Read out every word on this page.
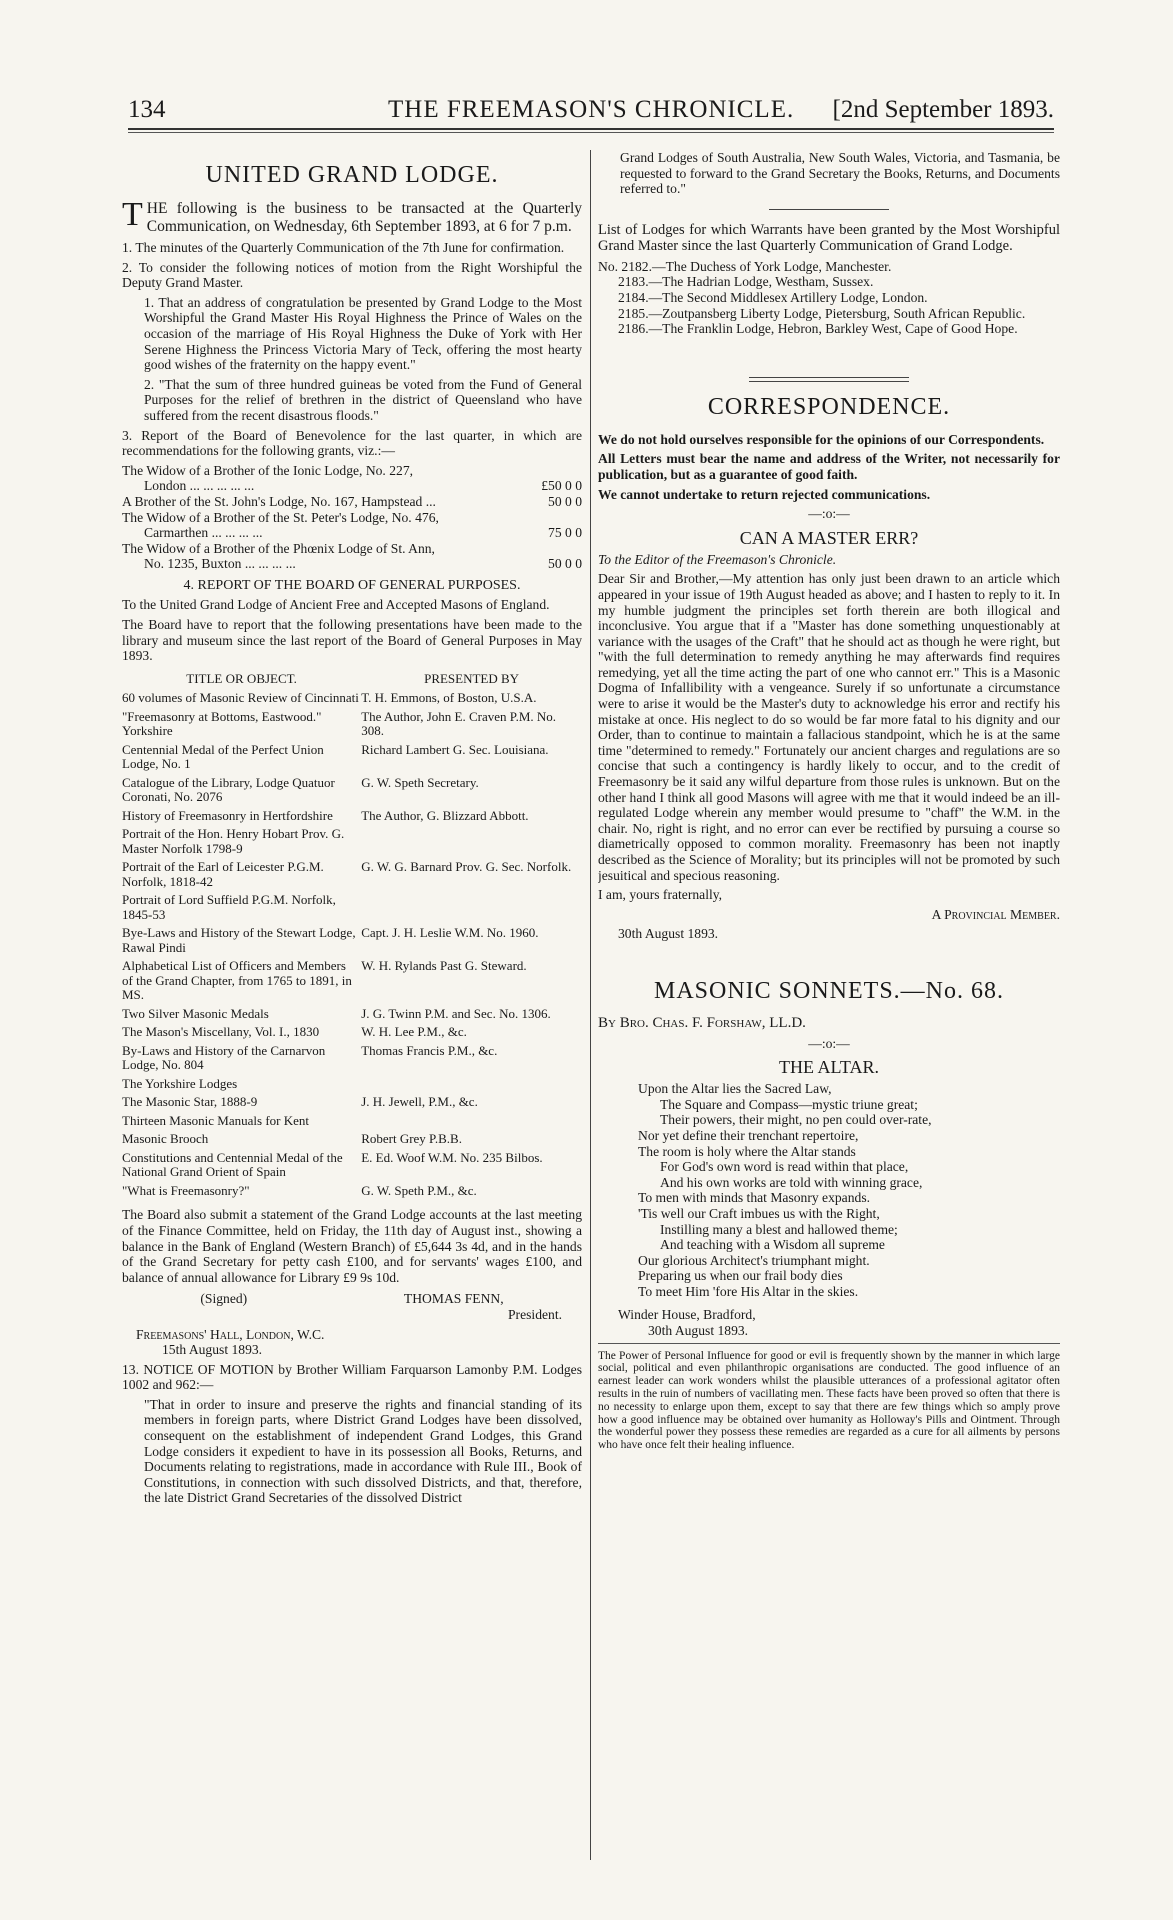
134	THE FREEMASON'S CHRONICLE. [2nd September 1893.
UNITED GRAND LODGE.

THE following is the business to be transacted at the Quarterly Communication, on Wednesday, 6th September 1893, at 6 for 7 p.m.

1. The minutes of the Quarterly Communication of the 7th June for confirmation.

2. To consider the following notices of motion from the Right Worshipful the Deputy Grand Master.

1. That an address of congratulation be presented by Grand Lodge to the Most Worshipful the Grand Master His Royal Highness the Prince of Wales on the occasion of the marriage of His Royal Highness the Duke of York with Her Serene Highness the Princess Victoria Mary of Teck, offering the most hearty good wishes of the fraternity on the happy event."

2. "That the sum of three hundred guineas be voted from the Fund of General Purposes for the relief of brethren in the district of Queensland who have suffered from the recent disastrous floods."

3. Report of the Board of Benevolence for the last quarter, in which are recommendations for the following grants, viz.:—

The Widow of a Brother of the Ionic Lodge, No. 227,
London ... ... ... ... ...	£50 0 0
A Brother of the St. John's Lodge, No. 167, Hampstead ...	50 0 0
The Widow of a Brother of the St. Peter's Lodge, No. 476,
Carmarthen ... ... ... ...	75 0 0
The Widow of a Brother of the Phœnix Lodge of St. Ann,
No. 1235, Buxton ... ... ... ...	50 0 0
4. REPORT OF THE BOARD OF GENERAL PURPOSES.

To the United Grand Lodge of Ancient Free and Accepted Masons of England.

The Board have to report that the following presentations have been made to the library and museum since the last report of the Board of General Purposes in May 1893.

TITLE OR OBJECT.	PRESENTED BY
60 volumes of Masonic Review of Cincinnati	T. H. Emmons, of Boston, U.S.A.
"Freemasonry at Bottoms, Eastwood." Yorkshire	The Author, John E. Craven P.M. No. 308.
Centennial Medal of the Perfect Union Lodge, No. 1	Richard Lambert G. Sec. Louisiana.
Catalogue of the Library, Lodge Quatuor Coronati, No. 2076	G. W. Speth Secretary.
History of Freemasonry in Hertfordshire	The Author, G. Blizzard Abbott.
Portrait of the Hon. Henry Hobart Prov. G. Master Norfolk 1798-9	
Portrait of the Earl of Leicester P.G.M. Norfolk, 1818-42	G. W. G. Barnard Prov. G. Sec. Norfolk.
Portrait of Lord Suffield P.G.M. Norfolk, 1845-53	
Bye-Laws and History of the Stewart Lodge, Rawal Pindi	Capt. J. H. Leslie W.M. No. 1960.
Alphabetical List of Officers and Members of the Grand Chapter, from 1765 to 1891, in MS.	W. H. Rylands Past G. Steward.
Two Silver Masonic Medals	J. G. Twinn P.M. and Sec. No. 1306.
The Mason's Miscellany, Vol. I., 1830	W. H. Lee P.M., &c.
By-Laws and History of the Carnarvon Lodge, No. 804	Thomas Francis P.M., &c.
The Yorkshire Lodges	
The Masonic Star, 1888-9	J. H. Jewell, P.M., &c.
Thirteen Masonic Manuals for Kent	
Masonic Brooch	Robert Grey P.B.B.
Constitutions and Centennial Medal of the National Grand Orient of Spain	E. Ed. Woof W.M. No. 235 Bilbos.
"What is Freemasonry?"	G. W. Speth P.M., &c.

The Board also submit a statement of the Grand Lodge accounts at the last meeting of the Finance Committee, held on Friday, the 11th day of August inst., showing a balance in the Bank of England (Western Branch) of £5,644 3s 4d, and in the hands of the Grand Secretary for petty cash £100, and for servants' wages £100, and balance of annual allowance for Library £9 9s 10d.

(Signed)	THOMAS FENN,

President.

Freemasons' Hall, London, W.C.

15th August 1893.

13. NOTICE OF MOTION by Brother William Farquarson Lamonby P.M. Lodges 1002 and 962:—

"That in order to insure and preserve the rights and financial standing of its members in foreign parts, where District Grand Lodges have been dissolved, consequent on the establishment of independent Grand Lodges, this Grand Lodge considers it expedient to have in its possession all Books, Returns, and Documents relating to registrations, made in accordance with Rule III., Book of Constitutions, in connection with such dissolved Districts, and that, therefore, the late District Grand Secretaries of the dissolved District

Grand Lodges of South Australia, New South Wales, Victoria, and Tasmania, be requested to forward to the Grand Secretary the Books, Returns, and Documents referred to."

List of Lodges for which Warrants have been granted by the Most Worshipful Grand Master since the last Quarterly Communication of Grand Lodge.

No. 2182.—The Duchess of York Lodge, Manchester.

2183.—The Hadrian Lodge, Westham, Sussex.

2184.—The Second Middlesex Artillery Lodge, London.

2185.—Zoutpansberg Liberty Lodge, Pietersburg, South African Republic.

2186.—The Franklin Lodge, Hebron, Barkley West, Cape of Good Hope.

CORRESPONDENCE.

We do not hold ourselves responsible for the opinions of our Correspondents.

All Letters must bear the name and address of the Writer, not necessarily for publication, but as a guarantee of good faith.

We cannot undertake to return rejected communications.

—:o:—
CAN A MASTER ERR?

To the Editor of the Freemason's Chronicle.

Dear Sir and Brother,—My attention has only just been drawn to an article which appeared in your issue of 19th August headed as above; and I hasten to reply to it. In my humble judgment the principles set forth therein are both illogical and inconclusive. You argue that if a "Master has done something unquestionably at variance with the usages of the Craft" that he should act as though he were right, but "with the full determination to remedy anything he may afterwards find requires remedying, yet all the time acting the part of one who cannot err." This is a Masonic Dogma of Infallibility with a vengeance. Surely if so unfortunate a circumstance were to arise it would be the Master's duty to acknowledge his error and rectify his mistake at once. His neglect to do so would be far more fatal to his dignity and our Order, than to continue to maintain a fallacious standpoint, which he is at the same time "determined to remedy." Fortunately our ancient charges and regulations are so concise that such a contingency is hardly likely to occur, and to the credit of Freemasonry be it said any wilful departure from those rules is unknown. But on the other hand I think all good Masons will agree with me that it would indeed be an ill-regulated Lodge wherein any member would presume to "chaff" the W.M. in the chair. No, right is right, and no error can ever be rectified by pursuing a course so diametrically opposed to common morality. Freemasonry has been not inaptly described as the Science of Morality; but its principles will not be promoted by such jesuitical and specious reasoning.

I am, yours fraternally,

A Provincial Member.

30th August 1893.

MASONIC SONNETS.—No. 68.

By Bro. Chas. F. Forshaw, LL.D.

—:o:—
THE ALTAR.

Upon the Altar lies the Sacred Law,

The Square and Compass—mystic triune great;

Their powers, their might, no pen could over-rate,

Nor yet define their trenchant repertoire,

The room is holy where the Altar stands

For God's own word is read within that place,

And his own works are told with winning grace,

To men with minds that Masonry expands.

'Tis well our Craft imbues us with the Right,

Instilling many a blest and hallowed theme;

And teaching with a Wisdom all supreme

Our glorious Architect's triumphant might.

Preparing us when our frail body dies

To meet Him 'fore His Altar in the skies.

Winder House, Bradford,

30th August 1893.

The Power of Personal Influence for good or evil is frequently shown by the manner in which large social, political and even philanthropic organisations are conducted. The good influence of an earnest leader can work wonders whilst the plausible utterances of a professional agitator often results in the ruin of numbers of vacillating men. These facts have been proved so often that there is no necessity to enlarge upon them, except to say that there are few things which so amply prove how a good influence may be obtained over humanity as Holloway's Pills and Ointment. Through the wonderful power they possess these remedies are regarded as a cure for all ailments by persons who have once felt their healing influence.
